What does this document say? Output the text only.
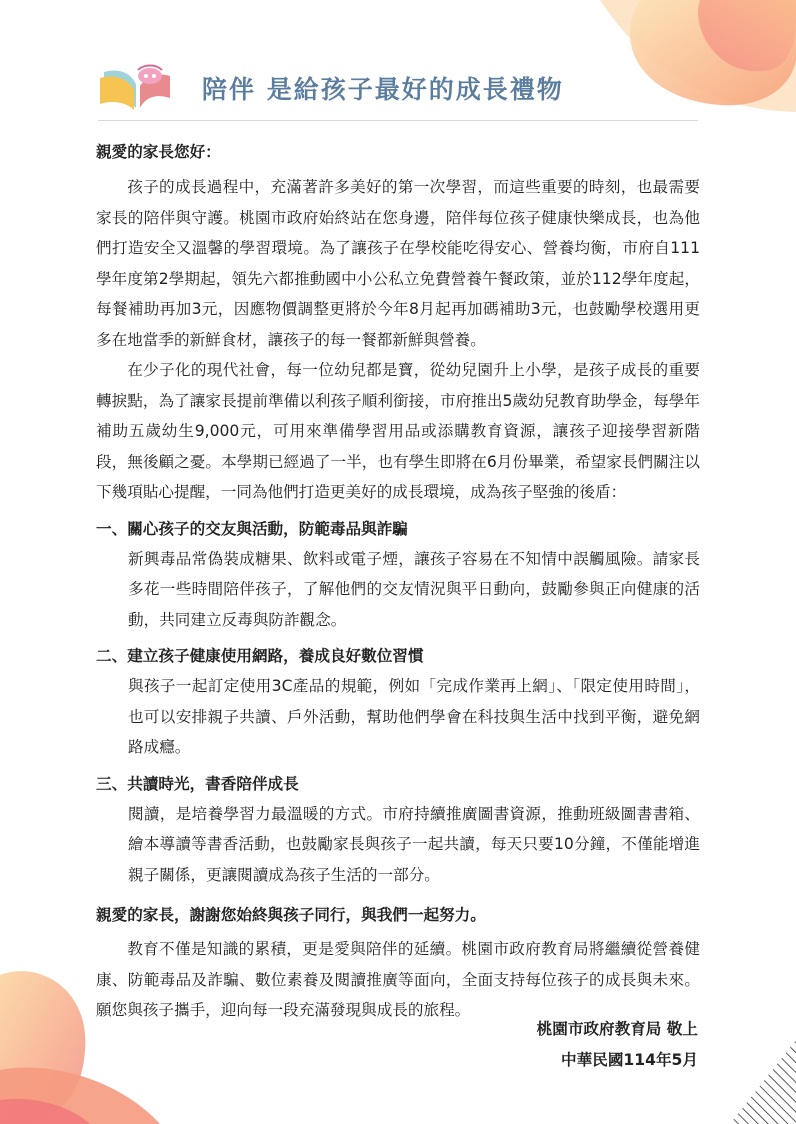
陪伴 是給孩子最好的成長禮物

親愛的家長您好：

孩子的成長過程中，充滿著許多美好的第一次學習，而這些重要的時刻，也最需要家長的陪伴與守護。桃園市政府始終站在您身邊，陪伴每位孩子健康快樂成長，也為他們打造安全又溫馨的學習環境。為了讓孩子在學校能吃得安心、營養均衡，市府自111學年度第2學期起，領先六都推動國中小公私立免費營養午餐政策，並於112學年度起，每餐補助再加3元，因應物價調整更將於今年8月起再加碼補助3元，也鼓勵學校選用更多在地當季的新鮮食材，讓孩子的每一餐都新鮮與營養。

在少子化的現代社會，每一位幼兒都是寶，從幼兒園升上小學，是孩子成長的重要轉捩點，為了讓家長提前準備以利孩子順利銜接，市府推出5歲幼兒教育助學金，每學年補助五歲幼生9,000元，可用來準備學習用品或添購教育資源，讓孩子迎接學習新階段，無後顧之憂。本學期已經過了一半，也有學生即將在6月份畢業，希望家長們關注以下幾項貼心提醒，一同為他們打造更美好的成長環境，成為孩子堅強的後盾：

一、關心孩子的交友與活動，防範毒品與詐騙

新興毒品常偽裝成糖果、飲料或電子煙，讓孩子容易在不知情中誤觸風險。請家長多花一些時間陪伴孩子，了解他們的交友情況與平日動向，鼓勵參與正向健康的活動，共同建立反毒與防詐觀念。

二、建立孩子健康使用網路，養成良好數位習慣

與孩子一起訂定使用3C產品的規範，例如「完成作業再上網」、「限定使用時間」，也可以安排親子共讀、戶外活動，幫助他們學會在科技與生活中找到平衡，避免網路成癮。

三、共讀時光，書香陪伴成長

閱讀，是培養學習力最溫暖的方式。市府持續推廣圖書資源，推動班級圖書書箱、繪本導讀等書香活動，也鼓勵家長與孩子一起共讀，每天只要10分鐘，不僅能增進親子關係，更讓閱讀成為孩子生活的一部分。

親愛的家長，謝謝您始終與孩子同行，與我們一起努力。

教育不僅是知識的累積，更是愛與陪伴的延續。桃園市政府教育局將繼續從營養健康、防範毒品及詐騙、數位素養及閱讀推廣等面向，全面支持每位孩子的成長與未來。願您與孩子攜手，迎向每一段充滿發現與成長的旅程。

桃園市政府教育局 敬上
中華民國114年5月
